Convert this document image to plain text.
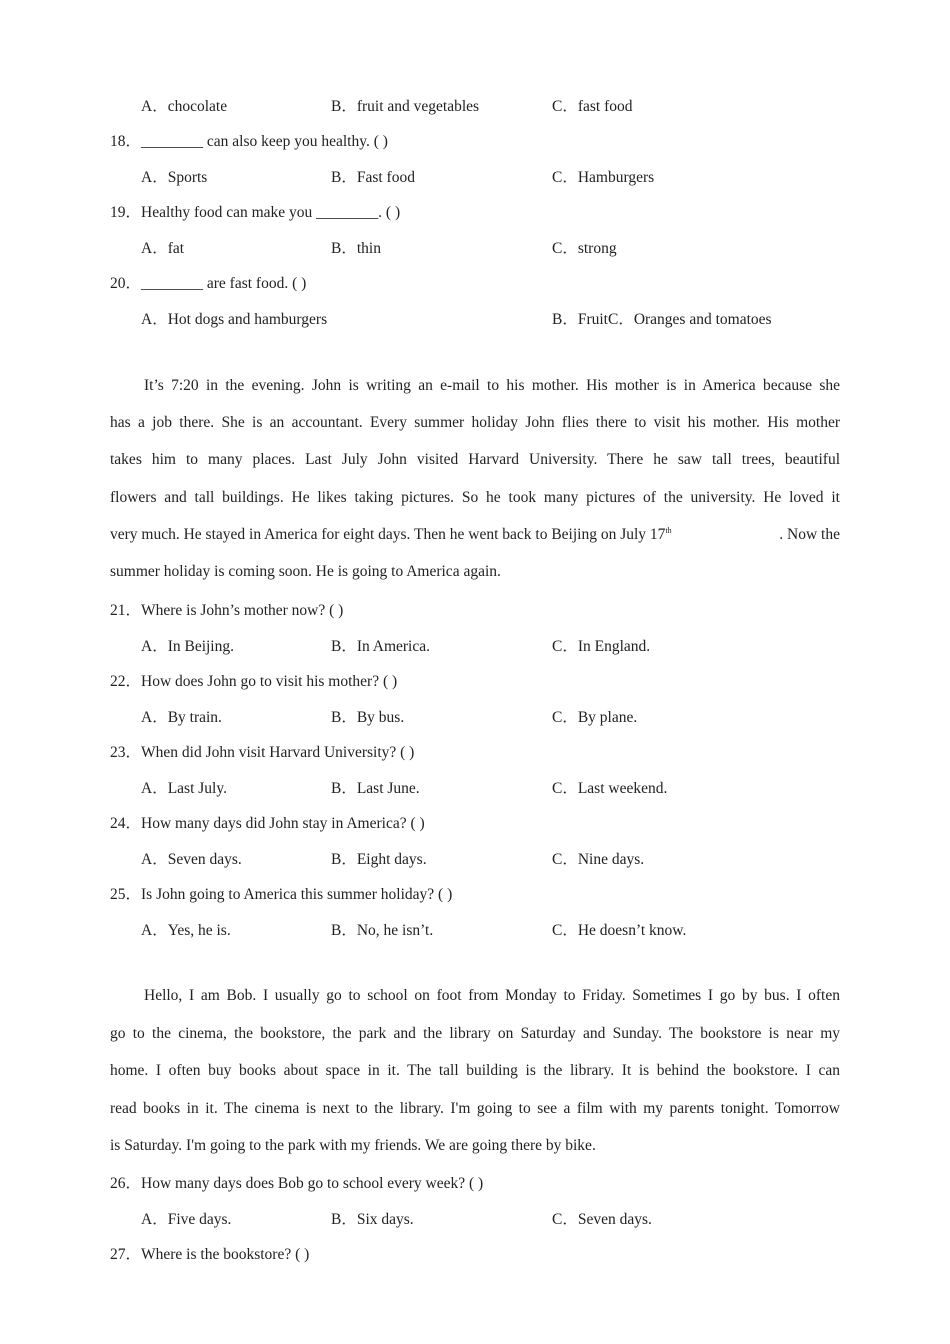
A．chocolate	B．fruit and vegetables	C．fast food
18．________ can also keep you healthy. ( )
A．Sports	B．Fast food	C．Hamburgers
19．Healthy food can make you ________. ( )
A．fat	B．thin	C．strong
20．________ are fast food. ( )
A．Hot dogs and hamburgers	B．FruitC．Oranges and tomatoes
It’s 7:20 in the evening. John is writing an e-mail to his mother. His mother is in America because she
has a job there. She is an accountant. Every summer holiday John flies there to visit his mother. His mother
takes him to many places. Last July John visited Harvard University. There he saw tall trees, beautiful
flowers and tall buildings. He likes taking pictures. So he took many pictures of the university. He loved it
very much. He stayed in America for eight days. Then he went back to Beijing on July 17th	. Now the
summer holiday is coming soon. He is going to America again.
21．Where is John’s mother now? ( )
A．In Beijing.	B．In America.	C．In England.
22．How does John go to visit his mother? ( )
A．By train.	B．By bus.	C．By plane.
23．When did John visit Harvard University? ( )
A．Last July.	B．Last June.	C．Last weekend.
24．How many days did John stay in America? ( )
A．Seven days.	B．Eight days.	C．Nine days.
25．Is John going to America this summer holiday? ( )
A．Yes, he is.	B．No, he isn’t.	C．He doesn’t know.
Hello, I am Bob. I usually go to school on foot from Monday to Friday. Sometimes I go by bus. I often
go to the cinema, the bookstore, the park and the library on Saturday and Sunday. The bookstore is near my
home. I often buy books about space in it. The tall building is the library. It is behind the bookstore. I can
read books in it. The cinema is next to the library. I'm going to see a film with my parents tonight. Tomorrow
is Saturday. I'm going to the park with my friends. We are going there by bike.
26．How many days does Bob go to school every week? ( )
A．Five days.	B．Six days.	C．Seven days.
27．Where is the bookstore? ( )
